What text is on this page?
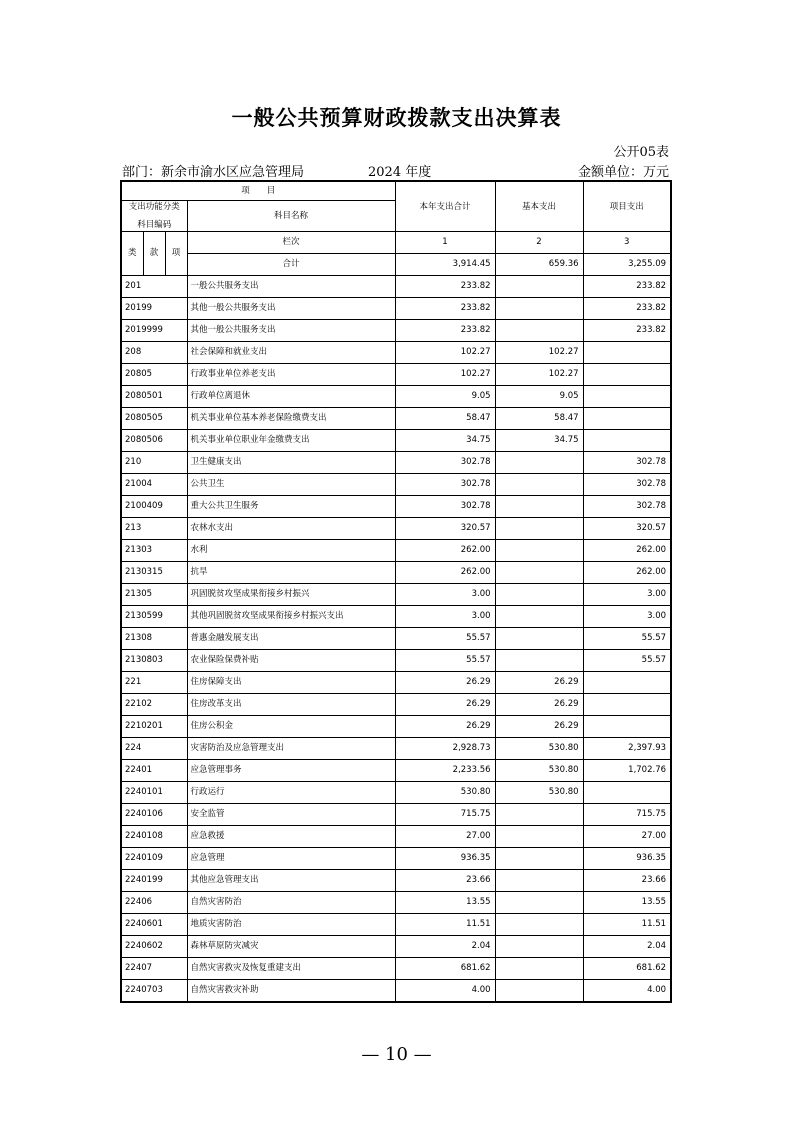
一般公共预算财政拨款支出决算表
公开05表
部门：新余市渝水区应急管理局	2024 年度	金额单位：万元
项　　目				本年支出合计	基本支出	项目支出

支出功能分类
科目编码			科目名称			
类	款	项	栏次	1	2	3
			合计	3,914.45	659.36	3,255.09
201			一般公共服务支出	233.82		233.82
20199			其他一般公共服务支出	233.82		233.82
2019999			其他一般公共服务支出	233.82		233.82
208			社会保障和就业支出	102.27	102.27	
20805			行政事业单位养老支出	102.27	102.27	
2080501			行政单位离退休	9.05	9.05	
2080505			机关事业单位基本养老保险缴费支出	58.47	58.47	
2080506			机关事业单位职业年金缴费支出	34.75	34.75	
210			卫生健康支出	302.78		302.78
21004			公共卫生	302.78		302.78
2100409			重大公共卫生服务	302.78		302.78
213			农林水支出	320.57		320.57
21303			水利	262.00		262.00
2130315			抗旱	262.00		262.00
21305			巩固脱贫攻坚成果衔接乡村振兴	3.00		3.00
2130599			其他巩固脱贫攻坚成果衔接乡村振兴支出	3.00		3.00
21308			普惠金融发展支出	55.57		55.57
2130803			农业保险保费补贴	55.57		55.57
221			住房保障支出	26.29	26.29	
22102			住房改革支出	26.29	26.29	
2210201			住房公积金	26.29	26.29	
224			灾害防治及应急管理支出	2,928.73	530.80	2,397.93
22401			应急管理事务	2,233.56	530.80	1,702.76
2240101			行政运行	530.80	530.80	
2240106			安全监管	715.75		715.75
2240108			应急救援	27.00		27.00
2240109			应急管理	936.35		936.35
2240199			其他应急管理支出	23.66		23.66
22406			自然灾害防治	13.55		13.55
2240601			地质灾害防治	11.51		11.51
2240602			森林草原防灾减灾	2.04		2.04
22407			自然灾害救灾及恢复重建支出	681.62		681.62
2240703			自然灾害救灾补助	4.00		4.00
— 10 —
